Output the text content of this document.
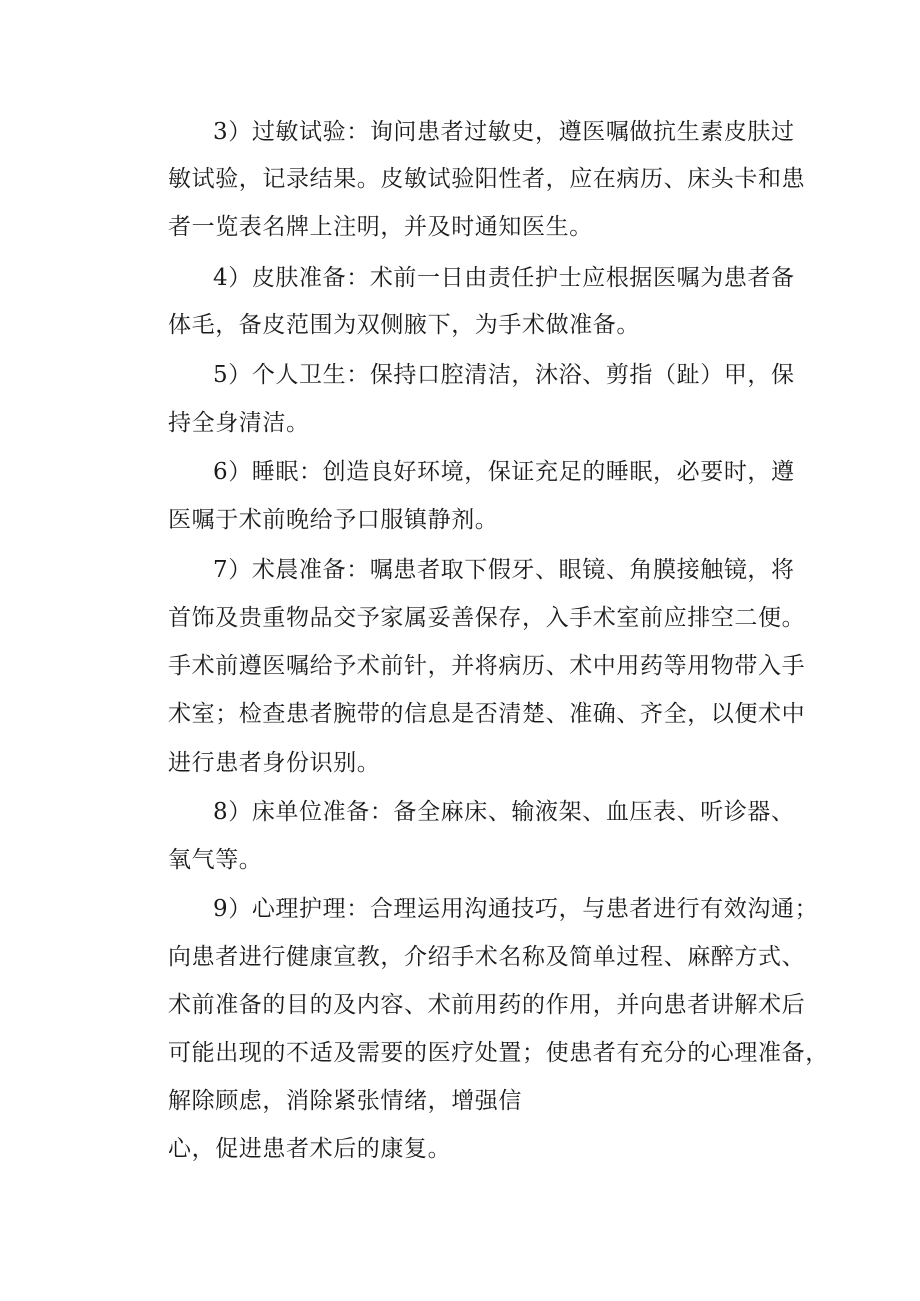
3）过敏试验：询问患者过敏史，遵医嘱做抗生素皮肤过
敏试验，记录结果。皮敏试验阳性者，应在病历、床头卡和患
者一览表名牌上注明，并及时通知医生。
4）皮肤准备：术前一日由责任护士应根据医嘱为患者备
体毛，备皮范围为双侧腋下，为手术做准备。
5）个人卫生：保持口腔清洁，沐浴、剪指（趾）甲，保
持全身清洁。
6）睡眠：创造良好环境，保证充足的睡眠，必要时，遵
医嘱于术前晚给予口服镇静剂。
7）术晨准备：嘱患者取下假牙、眼镜、角膜接触镜，将
首饰及贵重物品交予家属妥善保存，入手术室前应排空二便。
手术前遵医嘱给予术前针，并将病历、术中用药等用物带入手
术室；检查患者腕带的信息是否清楚、准确、齐全，以便术中
进行患者身份识别。
8）床单位准备：备全麻床、输液架、血压表、听诊器、
氧气等。
9）心理护理：合理运用沟通技巧，与患者进行有效沟通；
向患者进行健康宣教，介绍手术名称及简单过程、麻醉方式、
术前准备的目的及内容、术前用药的作用，并向患者讲解术后
可能出现的不适及需要的医疗处置；使患者有充分的心理准备，
解除顾虑，消除紧张情绪，增强信
心，促进患者术后的康复。
